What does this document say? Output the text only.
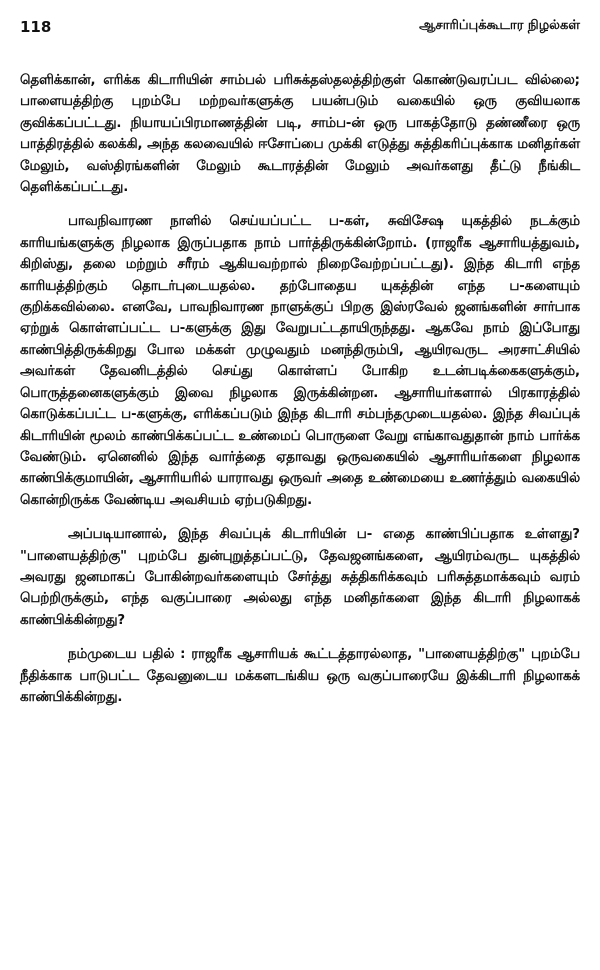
118	ஆசாரிப்புக்கூடார நிழல்கள்

தெளிக்கான், எரிக்க கிடாரியின் சாம்பல் பரிசுக்தஸ்தலத்திற்குள் கொண்டுவரப்பட வில்லை; பாளையத்திற்கு புறம்பே மற்றவர்களுக்கு பயன்படும் வகையில் ஒரு குவியலாக குவிக்கப்பட்டது. நியாயப்பிரமாணத்தின் படி, சாம்ப-ன் ஒரு பாகத்தோடு தண்ணீரை ஒரு பாத்திரத்தில் கலக்கி, அந்த கலவையில் ஈசோப்பை முக்கி எடுத்து சுத்திகரிப்புக்காக மனிதர்கள் மேலும், வஸ்திரங்களின் மேலும் கூடாரத்தின் மேலும் அவர்களது தீட்டு நீங்கிட தெளிக்கப்பட்டது.

பாவநிவாரண நாளில் செய்யப்பட்ட ப-கள், சுவிசேஷ யுகத்தில் நடக்கும் காரியங்களுக்கு நிழலாக இருப்பதாக நாம் பார்த்திருக்கின்றோம். (ராஜரீக ஆசாரியத்துவம், கிறிஸ்து, தலை மற்றும் சரீரம் ஆகியவற்றால் நிறைவேற்றப்பட்டது). இந்த கிடாரி எந்த காரியத்திற்கும் தொடர்புடையதல்ல. தற்போதைய யுகத்தின் எந்த ப-களையும் குறிக்கவில்லை. எனவே, பாவநிவாரண நாளுக்குப் பிறகு இஸ்ரவேல் ஜனங்களின் சார்பாக ஏற்றுக் கொள்ளப்பட்ட ப-களுக்கு இது வேறுபட்டதாயிருந்தது. ஆகவே நாம் இப்போது காண்பித்திருக்கிறது போல மக்கள் முழுவதும் மனந்திரும்பி, ஆயிரவருட அரசாட்சியில் அவர்கள் தேவனிடத்தில் செய்து கொள்ளப் போகிற உடன்படிக்கைகளுக்கும், பொருத்தனைகளுக்கும் இவை நிழலாக இருக்கின்றன. ஆசாரியர்களால் பிரகாரத்தில் கொடுக்கப்பட்ட ப-களுக்கு, எரிக்கப்படும் இந்த கிடாரி சம்பந்தமுடையதல்ல. இந்த சிவப்புக் கிடாரியின் மூலம் காண்பிக்கப்பட்ட உண்மைப் பொருளை வேறு எங்காவதுதான் நாம் பார்க்க வேண்டும். ஏனெனில் இந்த வார்த்தை ஏதாவது ஒருவகையில் ஆசாரியர்களை நிழலாக காண்பிக்குமாயின், ஆசாரியரில் யாராவது ஒருவர் அதை உண்மையை உணர்த்தும் வகையில் கொன்றிருக்க வேண்டிய அவசியம் ஏற்படுகிறது.

அப்படியானால், இந்த சிவப்புக் கிடாரியின் ப- எதை காண்பிப்பதாக உள்ளது? "பாளையத்திற்கு" புறம்பே துன்புறுத்தப்பட்டு, தேவஜனங்களை, ஆயிரம்வருட யுகத்தில் அவரது ஜனமாகப் போகின்றவர்களையும் சேர்த்து சுத்திகரிக்கவும் பரிசுத்தமாக்கவும் வரம் பெற்றிருக்கும், எந்த வகுப்பாரை அல்லது எந்த மனிதர்களை இந்த கிடாரி நிழலாகக் காண்பிக்கின்றது?

நம்முடைய பதில் : ராஜரீக ஆசாரியக் கூட்டத்தாரல்லாத, "பாளையத்திற்கு" புறம்பே நீதிக்காக பாடுபட்ட தேவனுடைய மக்களடங்கிய ஒரு வகுப்பாரையே இக்கிடாரி நிழலாகக் காண்பிக்கின்றது.
